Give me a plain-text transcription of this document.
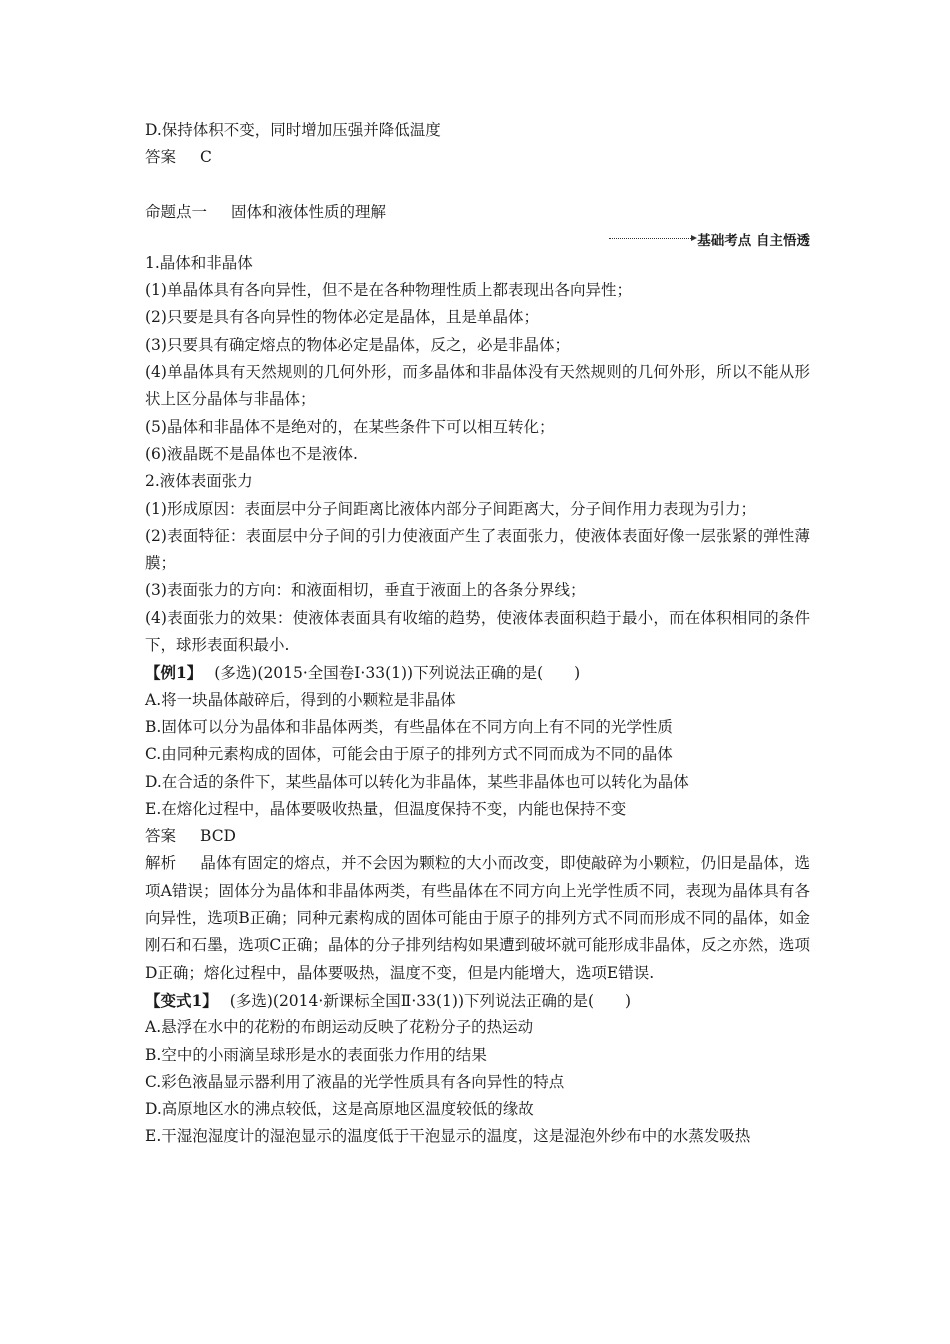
D.保持体积不变，同时增加压强并降低温度
答案 C
命题点一 固体和液体性质的理解
基础考点 自主悟透
1.晶体和非晶体
(1)单晶体具有各向异性，但不是在各种物理性质上都表现出各向异性；
(2)只要是具有各向异性的物体必定是晶体，且是单晶体；
(3)只要具有确定熔点的物体必定是晶体，反之，必是非晶体；
(4)单晶体具有天然规则的几何外形，而多晶体和非晶体没有天然规则的几何外形，所以不能从形状上区分晶体与非晶体；
(5)晶体和非晶体不是绝对的，在某些条件下可以相互转化；
(6)液晶既不是晶体也不是液体.
2.液体表面张力
(1)形成原因：表面层中分子间距离比液体内部分子间距离大，分子间作用力表现为引力；
(2)表面特征：表面层中分子间的引力使液面产生了表面张力，使液体表面好像一层张紧的弹性薄膜；
(3)表面张力的方向：和液面相切，垂直于液面上的各条分界线；
(4)表面张力的效果：使液体表面具有收缩的趋势，使液体表面积趋于最小，而在体积相同的条件下，球形表面积最小.
【例1】 (多选)(2015·全国卷Ⅰ·33(1))下列说法正确的是(　　)
A.将一块晶体敲碎后，得到的小颗粒是非晶体
B.固体可以分为晶体和非晶体两类，有些晶体在不同方向上有不同的光学性质
C.由同种元素构成的固体，可能会由于原子的排列方式不同而成为不同的晶体
D.在合适的条件下，某些晶体可以转化为非晶体，某些非晶体也可以转化为晶体
E.在熔化过程中，晶体要吸收热量，但温度保持不变，内能也保持不变
答案 BCD
解析 晶体有固定的熔点，并不会因为颗粒的大小而改变，即使敲碎为小颗粒，仍旧是晶体，选项A错误；固体分为晶体和非晶体两类，有些晶体在不同方向上光学性质不同，表现为晶体具有各向异性，选项B正确；同种元素构成的固体可能由于原子的排列方式不同而形成不同的晶体，如金刚石和石墨，选项C正确；晶体的分子排列结构如果遭到破坏就可能形成非晶体，反之亦然，选项D正确；熔化过程中，晶体要吸热，温度不变，但是内能增大，选项E错误.
【变式1】 (多选)(2014·新课标全国Ⅱ·33(1))下列说法正确的是(　　)
A.悬浮在水中的花粉的布朗运动反映了花粉分子的热运动
B.空中的小雨滴呈球形是水的表面张力作用的结果
C.彩色液晶显示器利用了液晶的光学性质具有各向异性的特点
D.高原地区水的沸点较低，这是高原地区温度较低的缘故
E.干湿泡湿度计的湿泡显示的温度低于干泡显示的温度，这是湿泡外纱布中的水蒸发吸热
